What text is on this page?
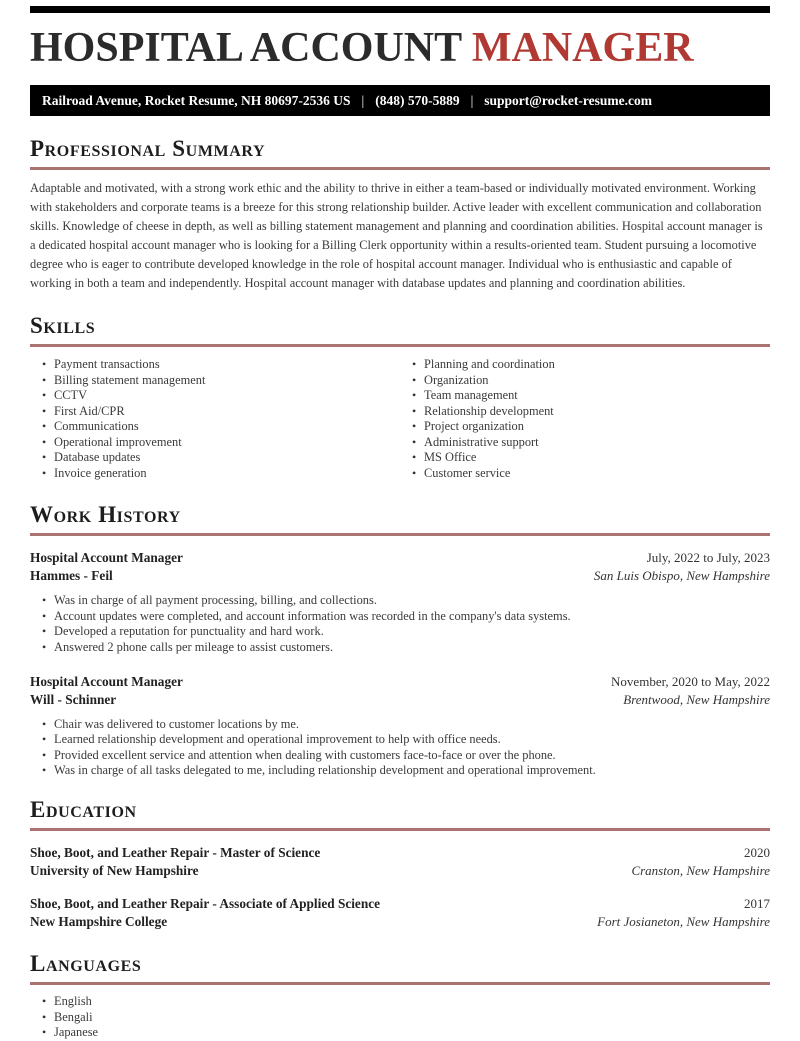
HOSPITAL ACCOUNT MANAGER
Railroad Avenue, Rocket Resume, NH 80697-2536 US | (848) 570-5889 | support@rocket-resume.com
Professional Summary

Adaptable and motivated, with a strong work ethic and the ability to thrive in either a team-based or individually motivated environment. Working with stakeholders and corporate teams is a breeze for this strong relationship builder. Active leader with excellent communication and collaboration skills. Knowledge of cheese in depth, as well as billing statement management and planning and coordination abilities. Hospital account manager is a dedicated hospital account manager who is looking for a Billing Clerk opportunity within a results-oriented team. Student pursuing a locomotive degree who is eager to contribute developed knowledge in the role of hospital account manager. Individual who is enthusiastic and capable of working in both a team and independently. Hospital account manager with database updates and planning and coordination abilities.

Skills
• Payment transactions
• Billing statement management
• CCTV
• First Aid/CPR
• Communications
• Operational improvement
• Database updates
• Invoice generation
• Planning and coordination
• Organization
• Team management
• Relationship development
• Project organization
• Administrative support
• MS Office
• Customer service
Work History
Hospital Account Manager	July, 2022 to July, 2023
Hammes - Feil	San Luis Obispo, New Hampshire
• Was in charge of all payment processing, billing, and collections.
• Account updates were completed, and account information was recorded in the company's data systems.
• Developed a reputation for punctuality and hard work.
• Answered 2 phone calls per mileage to assist customers.
Hospital Account Manager	November, 2020 to May, 2022
Will - Schinner	Brentwood, New Hampshire
• Chair was delivered to customer locations by me.
• Learned relationship development and operational improvement to help with office needs.
• Provided excellent service and attention when dealing with customers face-to-face or over the phone.
• Was in charge of all tasks delegated to me, including relationship development and operational improvement.
Education
Shoe, Boot, and Leather Repair - Master of Science	2020
University of New Hampshire	Cranston, New Hampshire
Shoe, Boot, and Leather Repair - Associate of Applied Science	2017
New Hampshire College	Fort Josianeton, New Hampshire
Languages
• English
• Bengali
• Japanese
